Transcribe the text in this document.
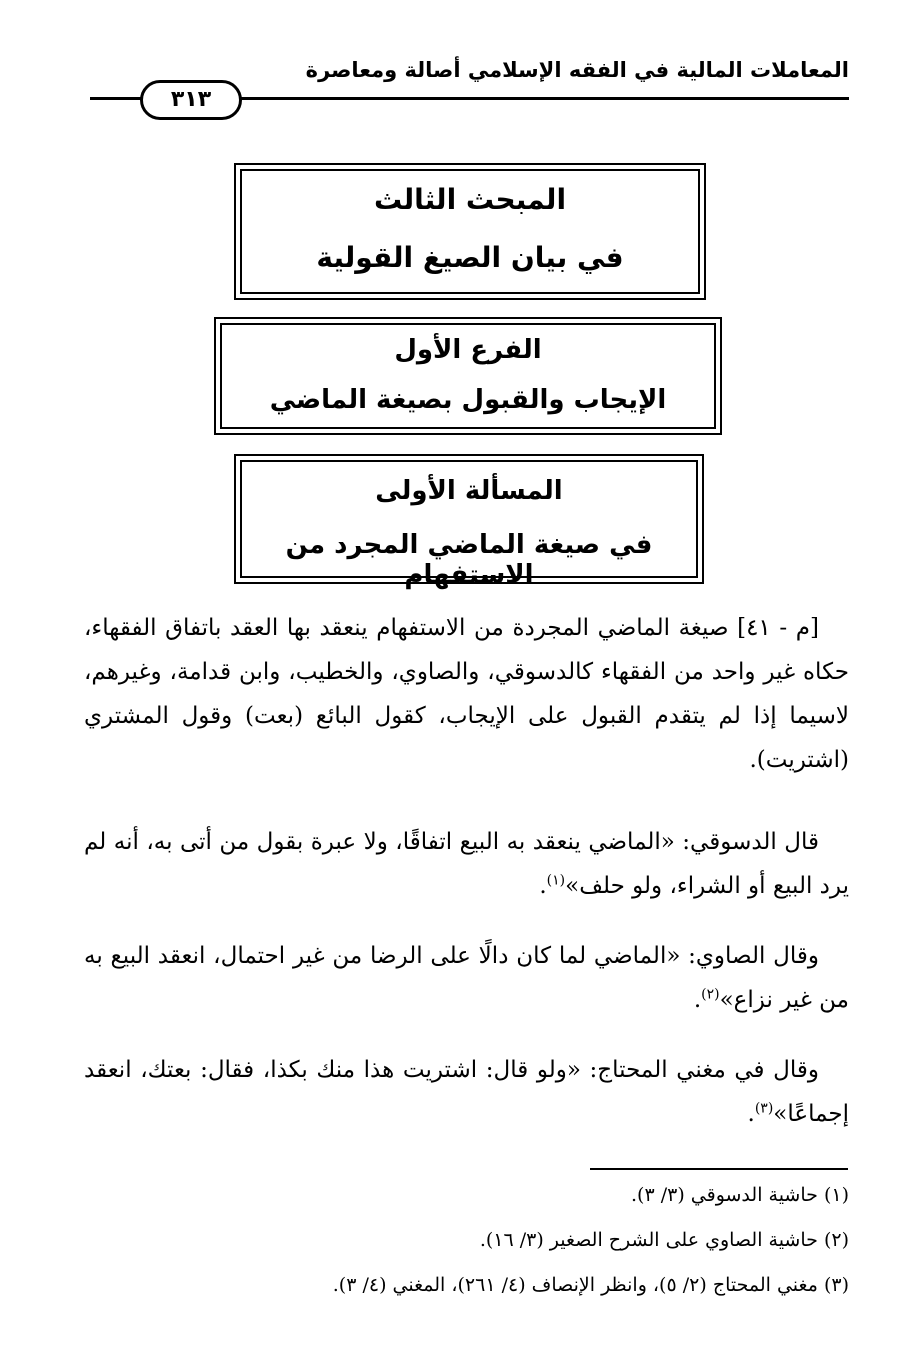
المعاملات المالية في الفقه الإسلامي أصالة ومعاصرة
٣١٣
المبحث الثالث
في بيان الصيغ القولية
الفرع الأول
الإيجاب والقبول بصيغة الماضي
المسألة الأولى
في صيغة الماضي المجرد من الاستفهام
[م - ٤١] صيغة الماضي المجردة من الاستفهام ينعقد بها العقد باتفاق الفقهاء، حكاه غير واحد من الفقهاء كالدسوقي، والصاوي، والخطيب، وابن قدامة، وغيرهم، لاسيما إذا لم يتقدم القبول على الإيجاب، كقول البائع (بعت) وقول المشتري (اشتريت).
قال الدسوقي: «الماضي ينعقد به البيع اتفاقًا، ولا عبرة بقول من أتى به، أنه لم يرد البيع أو الشراء، ولو حلف»$^{(١)}$.
وقال الصاوي: «الماضي لما كان دالًا على الرضا من غير احتمال، انعقد البيع به من غير نزاع»$^{(٢)}$.
وقال في مغني المحتاج: «ولو قال: اشتريت هذا منك بكذا، فقال: بعتك، انعقد إجماعًا»$^{(٣)}$.
(١) حاشية الدسوقي (٣/ ٣).
(٢) حاشية الصاوي على الشرح الصغير (٣/ ١٦).
(٣) مغني المحتاج (٢/ ٥)، وانظر الإنصاف (٤/ ٢٦١)، المغني (٤/ ٣).
